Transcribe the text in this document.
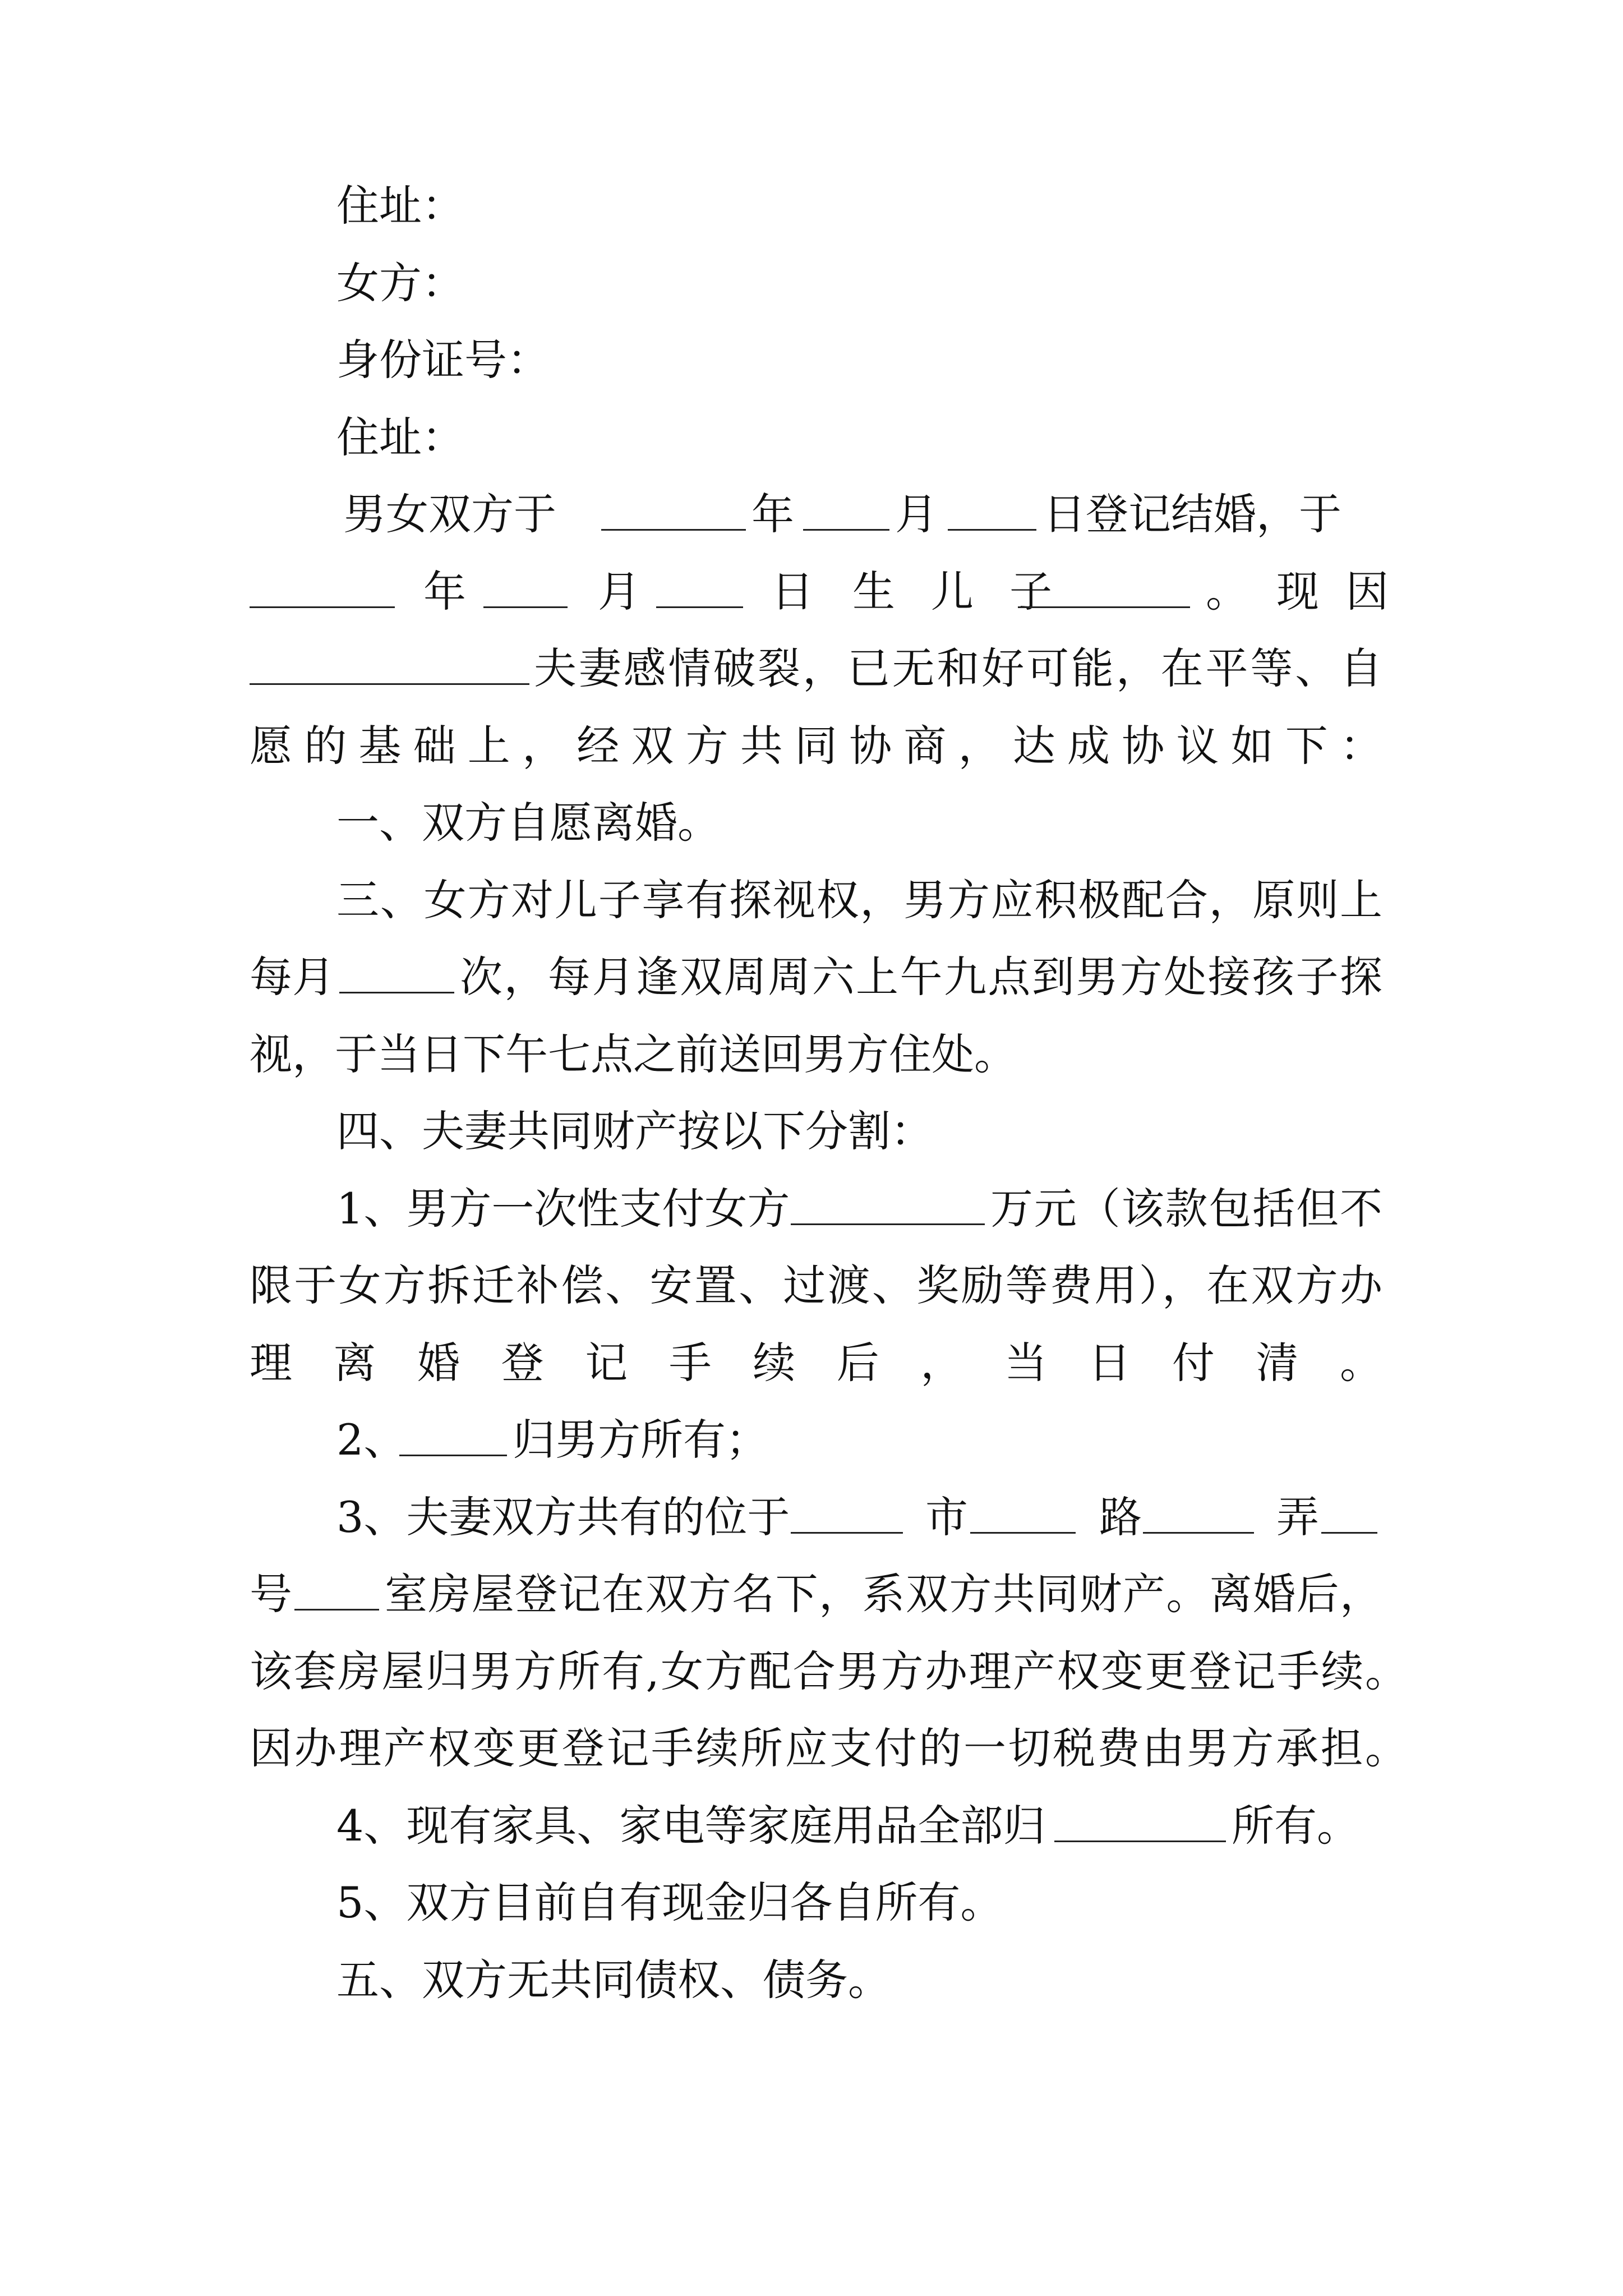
住址：
女方：
身份证号：
住址：
男女双方于	年 月 日登记结婚，于
年	月	日 生 儿 子	。 现 因
夫妻感情破裂，已无和好可能，在平等、自
愿的基础上，经双方共同协商，达成协议如下：
一、双方自愿离婚。
三、女方对儿子享有探视权，男方应积极配合，原则上
每月	次，每月逢双周周六上午九点到男方处接孩子探
视，于当日下午七点之前送回男方住处。
四、夫妻共同财产按以下分割：
1、男方一次性支付女方	万元（该款包括但不
限于女方拆迁补偿、安置、过渡、奖励等费用），在双方办
理离婚登记手续后，当日付清。
2、 归男方所有；
3、夫妻双方共有的位于	市	路	弄
号 室房屋登记在双方名下，系双方共同财产。离婚后，
该套房屋归男方所有,女方配合男方办理产权变更登记手续。
因办理产权变更登记手续所应支付的一切税费由男方承担。
4、现有家具、家电等家庭用品全部归	所有。
5、双方目前自有现金归各自所有。
五、双方无共同债权、债务。
